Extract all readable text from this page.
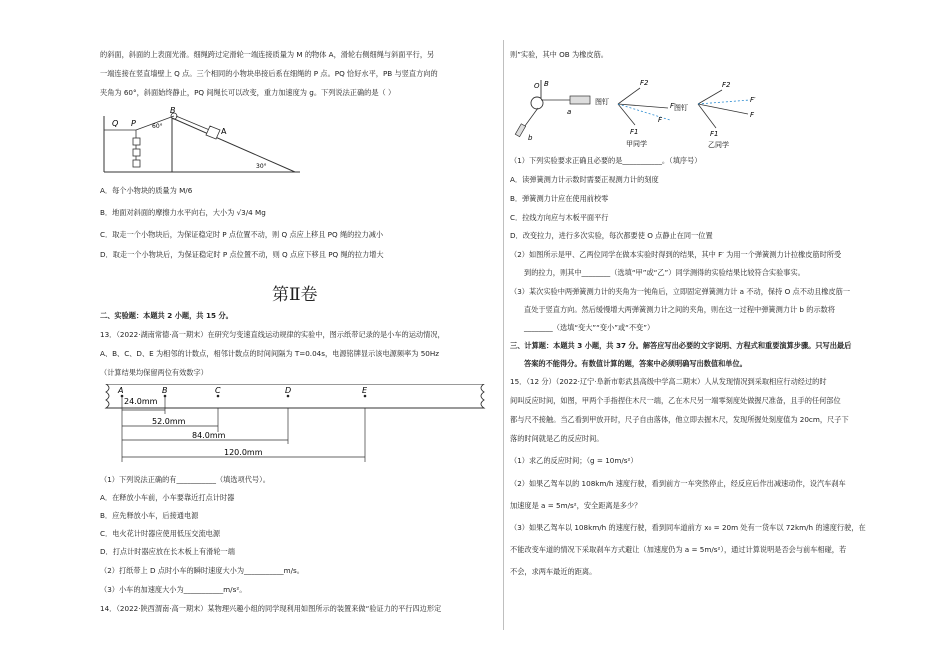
的斜面，斜面的上表面光滑。细绳跨过定滑轮一端连接质量为 M 的物体 A，滑轮右侧细绳与斜面平行，另
一端连接在竖直墙壁上 Q 点。三个相同的小物块串接后系在细绳的 P 点。PQ 恰好水平，PB 与竖直方向的
夹角为 60°，斜面始终静止，PQ 间绳长可以改变，重力加速度为 g。下列说法正确的是（ ）
Q P
B
A
60°
30°
A．每个小物块的质量为 M/6
B．地面对斜面的摩擦力水平向右，大小为 √3/4 Mg
C．取走一个小物块后，为保证稳定时 P 点位置不动，则 Q 点应上移且 PQ 绳的拉力减小
D．取走一个小物块后，为保证稳定时 P 点位置不动，则 Q 点应下移且 PQ 绳的拉力增大
第Ⅱ卷
二、实验题：本题共 2 小题，共 15 分。
13．（2022·湖南常德·高一期末）在研究匀变速直线运动规律的实验中，图示纸带记录的是小车的运动情况，
A、B、C、D、E 为相邻的计数点，相邻计数点的时间间隔为 T=0.04s，电源铭牌显示该电源频率为 50Hz
（计算结果均保留两位有效数字）
A	B	C	D	E
24.0mm
52.0mm
84.0mm
120.0mm
（1）下列说法正确的有___________（填选项代号）。
A．在释放小车前，小车要靠近打点计时器
B．应先释放小车，后接通电源
C．电火花计时器应使用低压交流电源
D．打点计时器应放在长木板上有滑轮一端
（2）打纸带上 D 点时小车的瞬时速度大小为___________m/s。
（3）小车的加速度大小为___________m/s²。
14．（2022·陕西渭南·高一期末）某物理兴趣小组的同学现利用如图所示的装置来做“验证力的平行四边形定
则”实验，其中 OB 为橡皮筋。
O B
a
b
图钉
F2
F′
F
F1
甲同学
图钉
F2
F′
F
F1
乙同学
（1）下列实验要求正确且必要的是___________。（填序号）
A．读弹簧测力计示数时需要正视测力计的刻度
B．弹簧测力计应在使用前校零
C．拉线方向应与木板平面平行
D．改变拉力，进行多次实验，每次都要使 O 点静止在同一位置
（2）如图所示是甲、乙两位同学在做本实验时得到的结果，其中 F′ 为用一个弹簧测力计拉橡皮筋时所受
到的拉力，则其中________（选填“甲”或“乙”）同学测得的实验结果比较符合实验事实。
（3）某次实验中两弹簧测力计的夹角为一钝角后，立即固定弹簧测力计 a 不动，保持 O 点不动且橡皮筋一
直处于竖直方向。然后缓慢增大两弹簧测力计之间的夹角，则在这一过程中弹簧测力计 b 的示数将
________（选填“变大”“变小”或“不变”）
三、计算题：本题共 3 小题，共 37 分。解答应写出必要的文字说明、方程式和重要演算步骤。只写出最后
答案的不能得分。有数值计算的题，答案中必须明确写出数值和单位。
15．（12 分）（2022·辽宁·阜新市彰武县高级中学高二期末）人从发现情况到采取相应行动经过的时
间叫反应时间，如图，甲两个手指捏住木尺一端，乙在木尺另一端零刻度处做握尺准备，且手的任何部位
都与尺不接触。当乙看到甲放开时，尺子自由落体，他立即去握木尺，发现所握处刻度值为 20cm，尺子下
落的时间就是乙的反应时间。
（1）求乙的反应时间；（g = 10m/s²）
（2）如果乙驾车以的 108km/h 速度行驶，看到前方一车突然停止，经反应后作出减速动作，设汽车刹车
加速度是 a = 5m/s²，安全距离是多少？
（3）如果乙驾车以 108km/h 的速度行驶，看到同车道前方 x₀ = 20m 处有一货车以 72km/h 的速度行驶，在
不能改变车道的情况下采取刹车方式避让（加速度仍为 a = 5m/s²），通过计算说明是否会与前车相碰，若
不会，求两车最近的距离。
